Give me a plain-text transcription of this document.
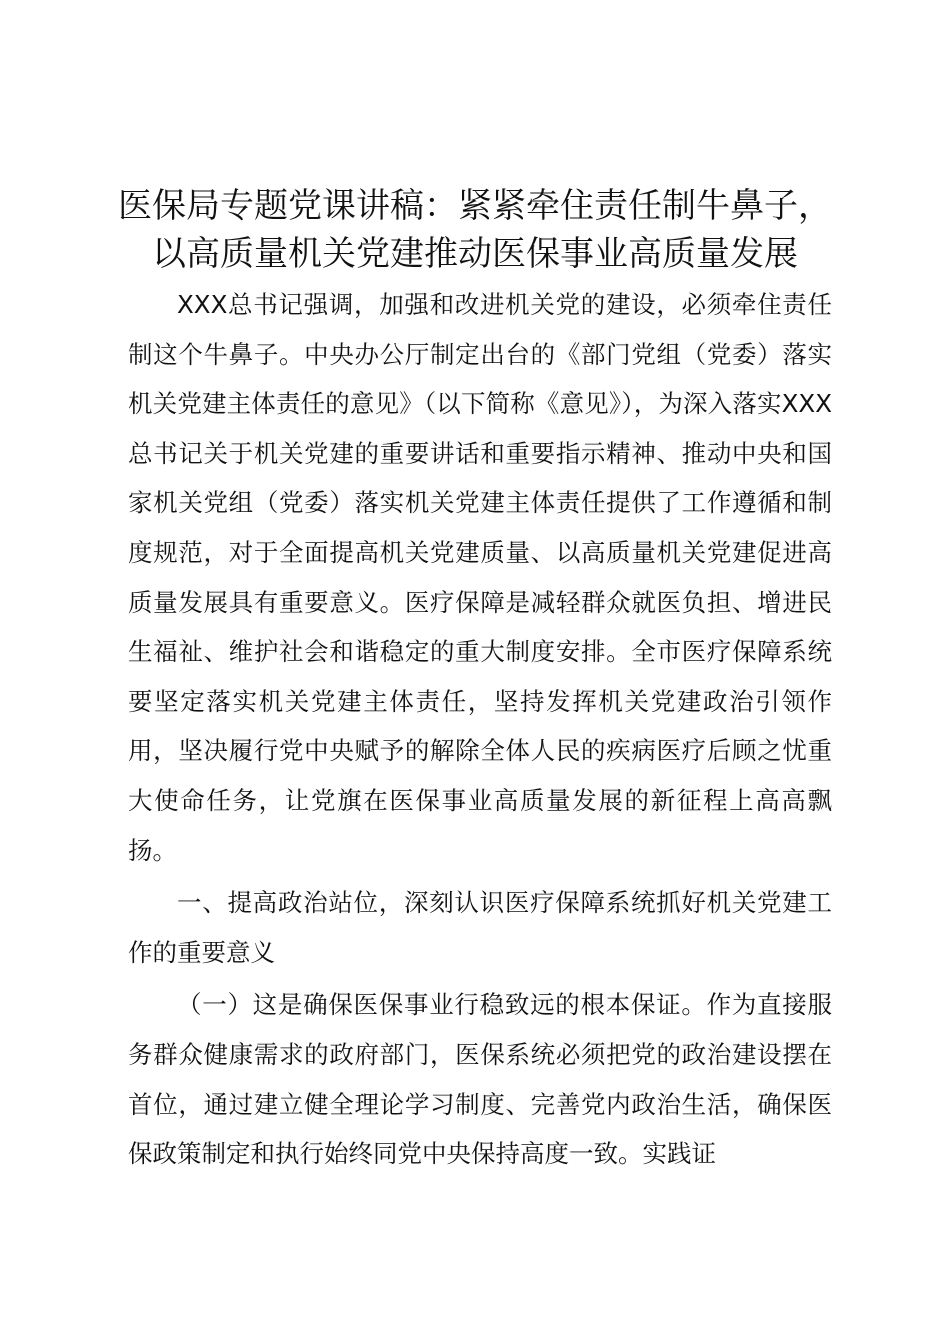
医保局专题党课讲稿：紧紧牵住责任制牛鼻子，
以高质量机关党建推动医保事业高质量发展

XXX总书记强调，加强和改进机关党的建设，必须牵住责任制这个牛鼻子。中央办公厅制定出台的《部门党组（党委）落实机关党建主体责任的意见》（以下简称《意见》），为深入落实XXX总书记关于机关党建的重要讲话和重要指示精神、推动中央和国家机关党组（党委）落实机关党建主体责任提供了工作遵循和制度规范，对于全面提高机关党建质量、以高质量机关党建促进高质量发展具有重要意义。医疗保障是减轻群众就医负担、增进民生福祉、维护社会和谐稳定的重大制度安排。全市医疗保障系统要坚定落实机关党建主体责任，坚持发挥机关党建政治引领作用，坚决履行党中央赋予的解除全体人民的疾病医疗后顾之忧重大使命任务，让党旗在医保事业高质量发展的新征程上高高飘扬。

一、提高政治站位，深刻认识医疗保障系统抓好机关党建工作的重要意义

（一）这是确保医保事业行稳致远的根本保证。作为直接服务群众健康需求的政府部门，医保系统必须把党的政治建设摆在首位，通过建立健全理论学习制度、完善党内政治生活，确保医保政策制定和执行始终同党中央保持高度一致。实践证
